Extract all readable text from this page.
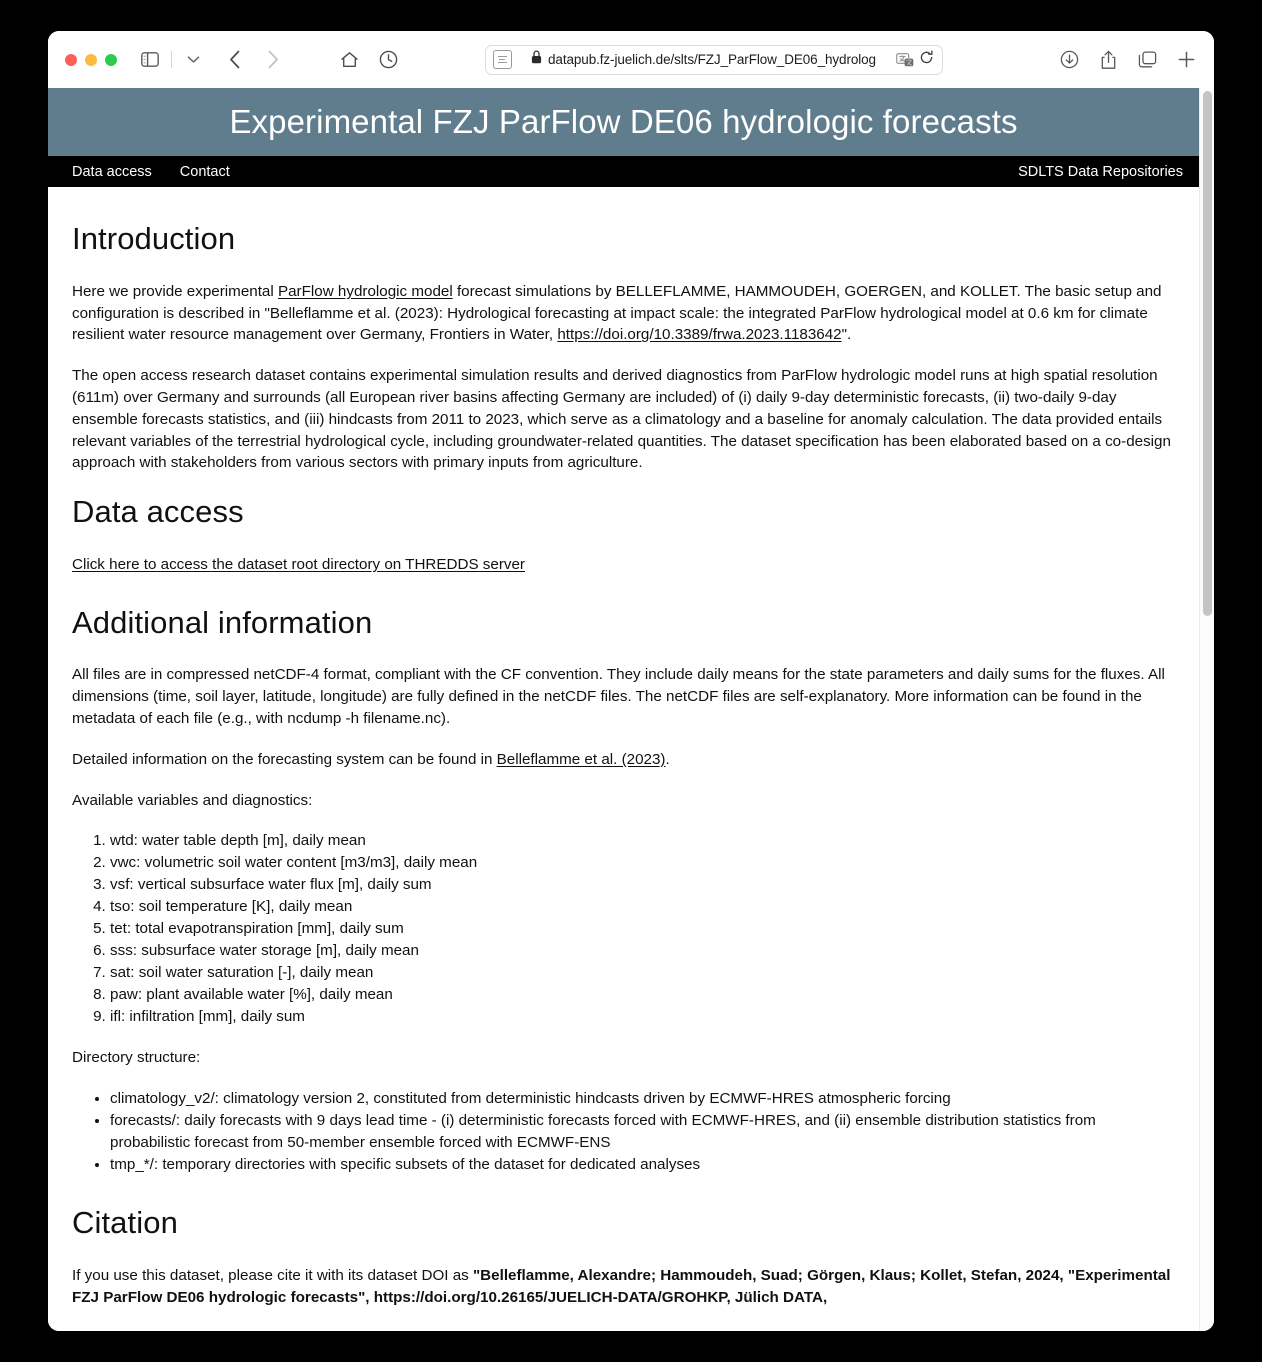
datapub.fz-juelich.de/slts/FZJ_ParFlow_DE06_hydrolog	文
Experimental FZJ ParFlow DE06 hydrologic forecasts
Data access Contact	SDLTS Data Repositories
Introduction

Here we provide experimental ParFlow hydrologic model forecast simulations by BELLEFLAMME, HAMMOUDEH, GOERGEN, and KOLLET. The basic setup and configuration is described in "Belleflamme et al. (2023): Hydrological forecasting at impact scale: the integrated ParFlow hydrological model at 0.6 km for climate resilient water resource management over Germany, Frontiers in Water, https://doi.org/10.3389/frwa.2023.1183642".

The open access research dataset contains experimental simulation results and derived diagnostics from ParFlow hydrologic model runs at high spatial resolution (611m) over Germany and surrounds (all European river basins affecting Germany are included) of (i) daily 9-day deterministic forecasts, (ii) two-daily 9-day ensemble forecasts statistics, and (iii) hindcasts from 2011 to 2023, which serve as a climatology and a baseline for anomaly calculation. The data provided entails relevant variables of the terrestrial hydrological cycle, including groundwater-related quantities. The dataset specification has been elaborated based on a co-design approach with stakeholders from various sectors with primary inputs from agriculture.

Data access

Click here to access the dataset root directory on THREDDS server

Additional information

All files are in compressed netCDF-4 format, compliant with the CF convention. They include daily means for the state parameters and daily sums for the fluxes. All dimensions (time, soil layer, latitude, longitude) are fully defined in the netCDF files. The netCDF files are self-explanatory. More information can be found in the metadata of each file (e.g., with ncdump -h filename.nc).

Detailed information on the forecasting system can be found in Belleflamme et al. (2023).

Available variables and diagnostics:

1. wtd: water table depth [m], daily mean
2. vwc: volumetric soil water content [m3/m3], daily mean
3. vsf: vertical subsurface water flux [m], daily sum
4. tso: soil temperature [K], daily mean
5. tet: total evapotranspiration [mm], daily sum
6. sss: subsurface water storage [m], daily mean
7. sat: soil water saturation [-], daily mean
8. paw: plant available water [%], daily mean
9. ifl: infiltration [mm], daily sum

Directory structure:

• climatology_v2/: climatology version 2, constituted from deterministic hindcasts driven by ECMWF-HRES atmospheric forcing
• forecasts/: daily forecasts with 9 days lead time - (i) deterministic forecasts forced with ECMWF-HRES, and (ii) ensemble distribution statistics from probabilistic forecast from 50-member ensemble forced with ECMWF-ENS
• tmp_*/: temporary directories with specific subsets of the dataset for dedicated analyses
Citation

If you use this dataset, please cite it with its dataset DOI as "Belleflamme, Alexandre; Hammoudeh, Suad; Görgen, Klaus; Kollet, Stefan, 2024, "Experimental FZJ ParFlow DE06 hydrologic forecasts", https://doi.org/10.26165/JUELICH-DATA/GROHKP, Jülich DATA,
